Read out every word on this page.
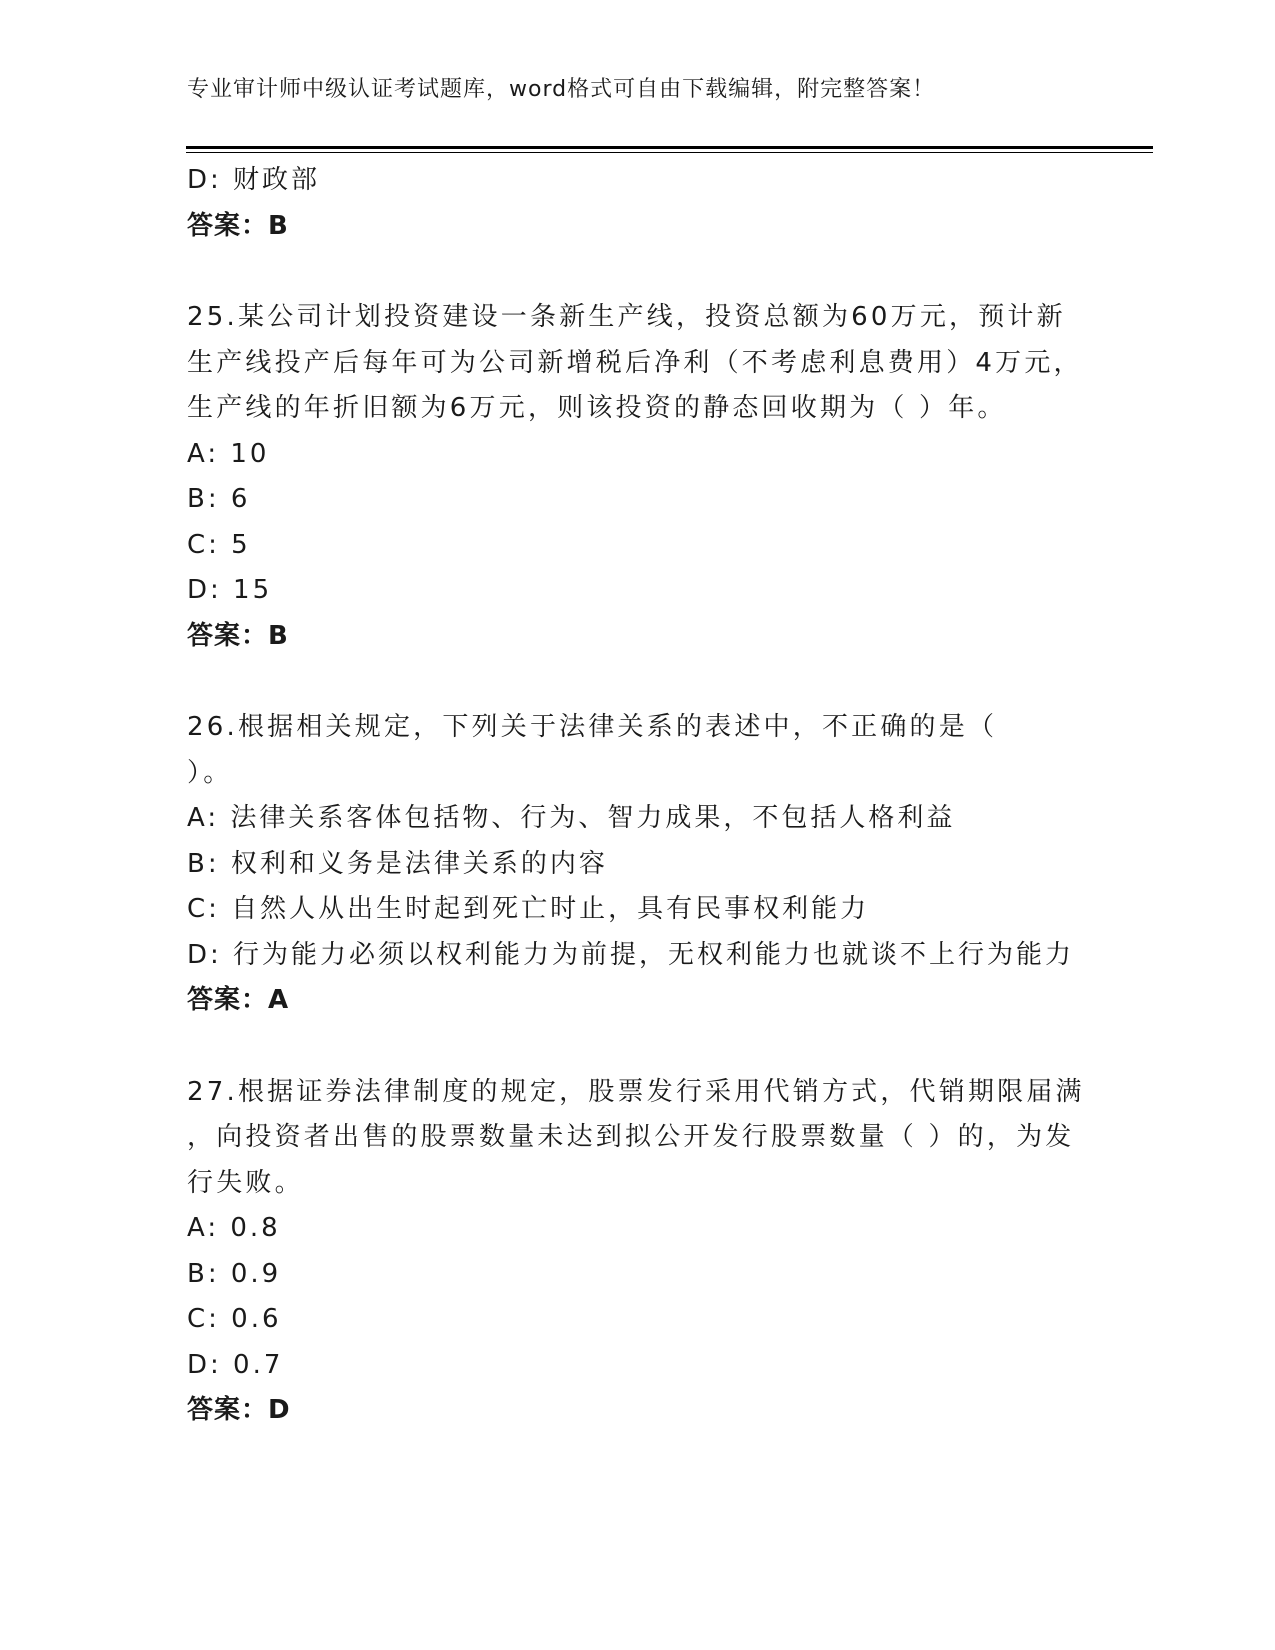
专业审计师中级认证考试题库，word格式可自由下载编辑，附完整答案！
D: 财政部
答案：B
25.某公司计划投资建设一条新生产线，投资总额为60万元，预计新
生产线投产后每年可为公司新增税后净利（不考虑利息费用）4万元，
生产线的年折旧额为6万元，则该投资的静态回收期为（ ）年。
A: 10
B: 6
C: 5
D: 15
答案：B
26.根据相关规定，下列关于法律关系的表述中，不正确的是（
）。
A: 法律关系客体包括物、行为、智力成果，不包括人格利益
B: 权利和义务是法律关系的内容
C: 自然人从出生时起到死亡时止，具有民事权利能力
D: 行为能力必须以权利能力为前提，无权利能力也就谈不上行为能力
答案：A
27.根据证券法律制度的规定，股票发行采用代销方式，代销期限届满
，向投资者出售的股票数量未达到拟公开发行股票数量（ ）的，为发
行失败。
A: 0.8
B: 0.9
C: 0.6
D: 0.7
答案：D
